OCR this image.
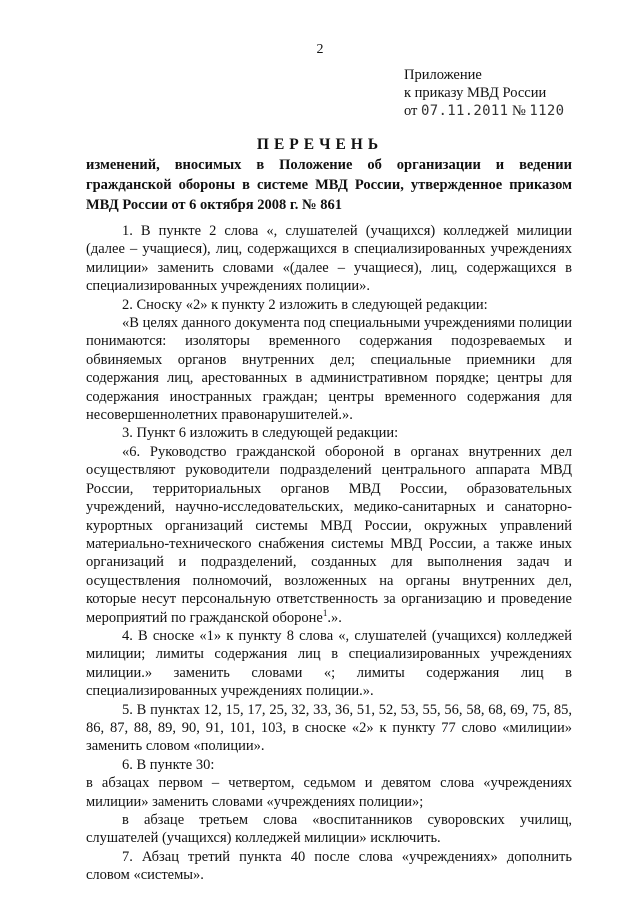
2
Приложение
к приказу МВД России
от 07.11.2011 № 1120
ПЕРЕЧЕНЬ
изменений, вносимых в Положение об организации и ведении гражданской обороны в системе МВД России, утвержденное приказом МВД России от 6 октября 2008 г. № 861

1. В пункте 2 слова «, слушателей (учащихся) колледжей милиции (далее – учащиеся), лиц, содержащихся в специализированных учреждениях милиции» заменить словами «(далее – учащиеся), лиц, содержащихся в специализированных учреждениях полиции».

2. Сноску «2» к пункту 2 изложить в следующей редакции:

«В целях данного документа под специальными учреждениями полиции понимаются: изоляторы временного содержания подозреваемых и обвиняемых органов внутренних дел; специальные приемники для содержания лиц, арестованных в административном порядке; центры для содержания иностранных граждан; центры временного содержания для несовершеннолетних правонарушителей.».

3. Пункт 6 изложить в следующей редакции:

«6. Руководство гражданской обороной в органах внутренних дел осуществляют руководители подразделений центрального аппарата МВД России, территориальных органов МВД России, образовательных учреждений, научно-исследовательских, медико-санитарных и санаторно-курортных организаций системы МВД России, окружных управлений материально-технического снабжения системы МВД России, а также иных организаций и подразделений, созданных для выполнения задач и осуществления полномочий, возложенных на органы внутренних дел, которые несут персональную ответственность за организацию и проведение мероприятий по гражданской обороне$^1$.».

4. В сноске «1» к пункту 8 слова «, слушателей (учащихся) колледжей милиции; лимиты содержания лиц в специализированных учреждениях милиции.» заменить словами «; лимиты содержания лиц в специализированных учреждениях полиции.».

5. В пунктах 12, 15, 17, 25, 32, 33, 36, 51, 52, 53, 55, 56, 58, 68, 69, 75, 85, 86, 87, 88, 89, 90, 91, 101, 103, в сноске «2» к пункту 77 слово «милиции» заменить словом «полиции».

6. В пункте 30:

в абзацах первом – четвертом, седьмом и девятом слова «учреждениях милиции» заменить словами «учреждениях полиции»;

в абзаце третьем слова «воспитанников суворовских училищ, слушателей (учащихся) колледжей милиции» исключить.

7. Абзац третий пункта 40 после слова «учреждениях» дополнить словом «системы».
